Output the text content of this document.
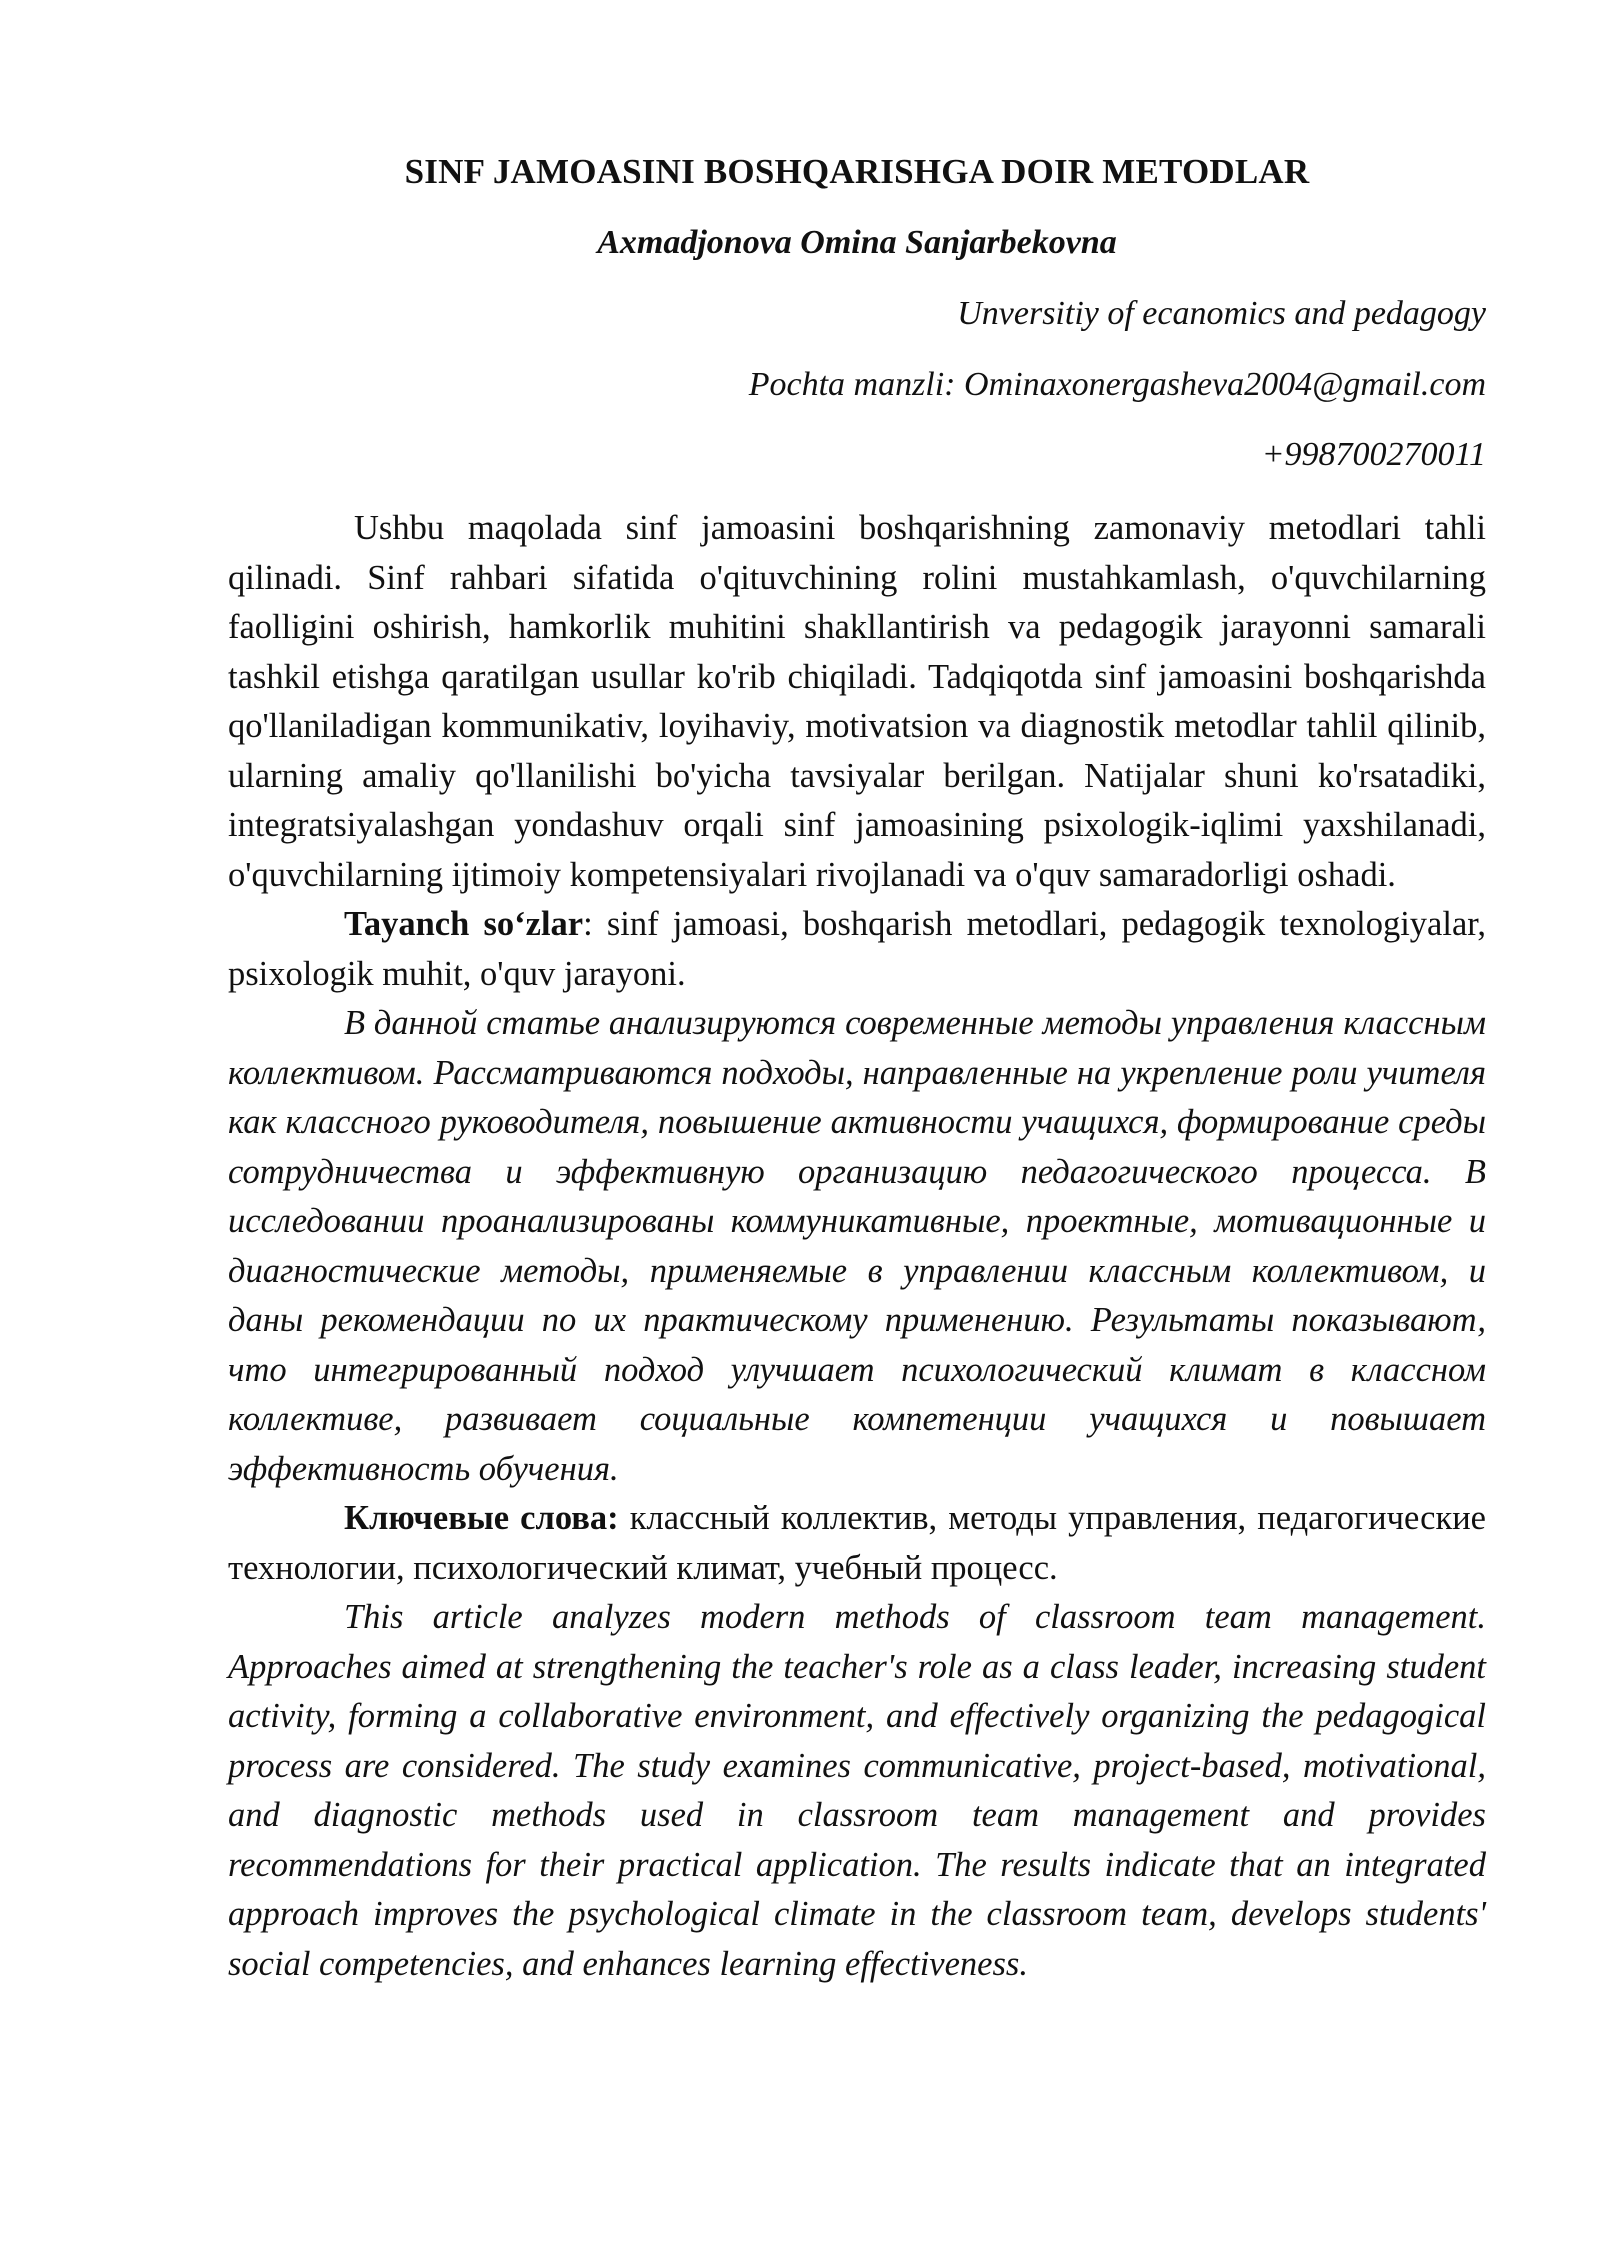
SINF JAMOASINI BOSHQARISHGA DOIR METODLAR
Axmadjonova Omina Sanjarbekovna
Unversitiy of ecanomics and pedagogy
Pochta manzli: Ominaxonergasheva2004@gmail.com
+998700270011

Ushbu maqolada sinf jamoasini boshqarishning zamonaviy metodlari tahli qilinadi. Sinf rahbari sifatida o'qituvchining rolini mustahkamlash, o'quvchilarning faolligini oshirish, hamkorlik muhitini shakllantirish va pedagogik jarayonni samarali tashkil etishga qaratilgan usullar ko'rib chiqiladi. Tadqiqotda sinf jamoasini boshqarishda qo'llaniladigan kommunikativ, loyihaviy, motivatsion va diagnostik metodlar tahlil qilinib, ularning amaliy qo'llanilishi bo'yicha tavsiyalar berilgan. Natijalar shuni ko'rsatadiki, integratsiyalashgan yondashuv orqali sinf jamoasining psixologik-iqlimi yaxshilanadi, o'quvchilarning ijtimoiy kompetensiyalari rivojlanadi va o'quv samaradorligi oshadi.

Tayanch so‘zlar: sinf jamoasi, boshqarish metodlari, pedagogik texnologiyalar, psixologik muhit, o'quv jarayoni.

В данной статье анализируются современные методы управления классным коллективом. Рассматриваются подходы, направленные на укрепление роли учителя как классного руководителя, повышение активности учащихся, формирование среды сотрудничества и эффективную организацию педагогического процесса. В исследовании проанализированы коммуникативные, проектные, мотивационные и диагностические методы, применяемые в управлении классным коллективом, и даны рекомендации по их практическому применению. Результаты показывают, что интегрированный подход улучшает психологический климат в классном коллективе, развивает социальные компетенции учащихся и повышает эффективность обучения.

Ключевые слова: классный коллектив, методы управления, педагогические технологии, психологический климат, учебный процесс.

This article analyzes modern methods of classroom team management. Approaches aimed at strengthening the teacher's role as a class leader, increasing student activity, forming a collaborative environment, and effectively organizing the pedagogical process are considered. The study examines communicative, project-based, motivational, and diagnostic methods used in classroom team management and provides recommendations for their practical application. The results indicate that an integrated approach improves the psychological climate in the classroom team, develops students' social competencies, and enhances learning effectiveness.
